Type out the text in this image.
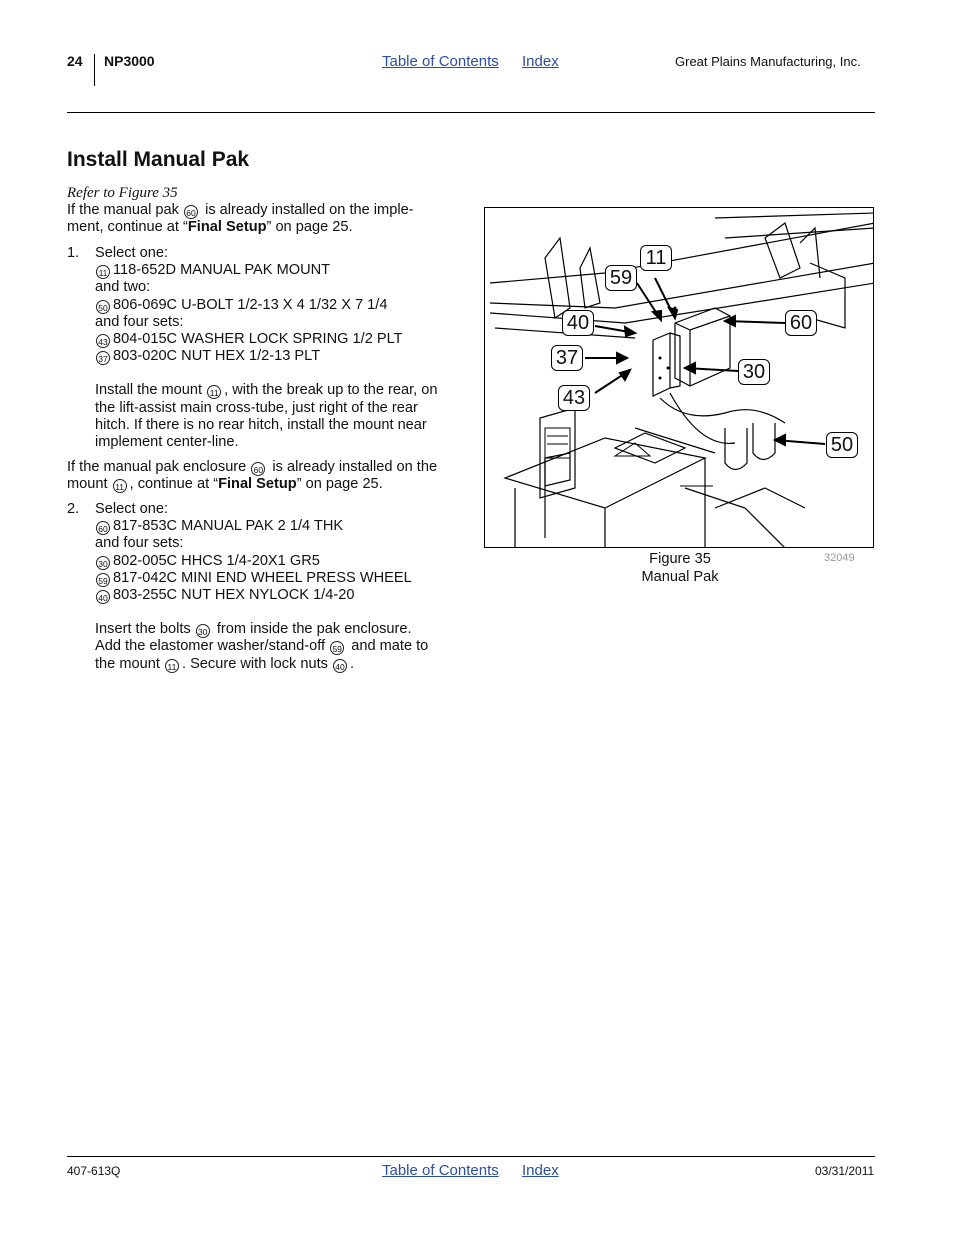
24 NP3000	Table of Contents Index	Great Plains Manufacturing, Inc.
Install Manual Pak
Refer to Figure 35
If the manual pak 60 is already installed on the imple-
ment, continue at “Final Setup” on page 25.
1.	Select one:
11 118-652D MANUAL PAK MOUNT
and two:
50 806-069C U-BOLT 1/2-13 X 4 1/32 X 7 1/4
and four sets:
43 804-015C WASHER LOCK SPRING 1/2 PLT
37 803-020C NUT HEX 1/2-13 PLT
Install the mount 11 , with the break up to the rear, on
the lift-assist main cross-tube, just right of the rear
hitch. If there is no rear hitch, install the mount near
implement center-line.
If the manual pak enclosure 60 is already installed on the
mount 11 , continue at “Final Setup” on page 25.
2.	Select one:
60 817-853C MANUAL PAK 2 1/4 THK
and four sets:
30 802-005C HHCS 1/4-20X1 GR5
59 817-042C MINI END WHEEL PRESS WHEEL
40 803-255C NUT HEX NYLOCK 1/4-20
Insert the bolts 30 from inside the pak enclosure.
Add the elastomer washer/stand-off 59 and mate to
the mount 11 . Secure with lock nuts 40 .
11
59
40	60
37
30
43
50
Figure 35
Manual Pak
32049
407-613Q	Table of Contents Index	03/31/2011
